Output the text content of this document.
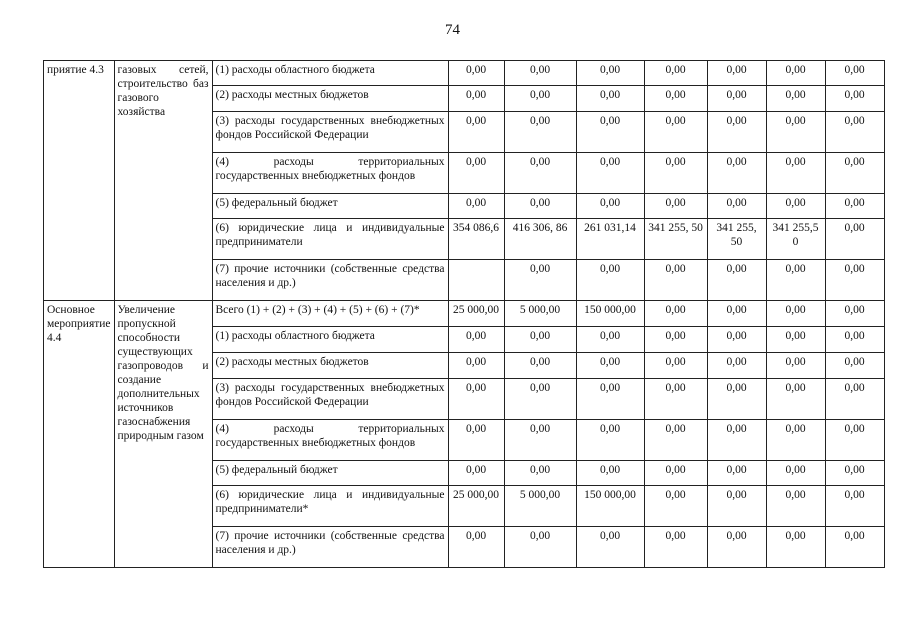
74
приятие 4.3	газовых сетей, строительство баз газового хозяйства	(1) расходы областного бюджета	0,00	0,00	0,00	0,00	0,00	0,00	0,00
		(2) расходы местных бюджетов	0,00	0,00	0,00	0,00	0,00	0,00	0,00
		(3) расходы государственных внебюджетных фондов Российской Федерации	0,00	0,00	0,00	0,00	0,00	0,00	0,00
		(4) расходы территориальных государственных внебюджетных фондов	0,00	0,00	0,00	0,00	0,00	0,00	0,00
		(5) федеральный бюджет	0,00	0,00	0,00	0,00	0,00	0,00	0,00
		(6) юридические лица и индивидуальные предприниматели	354 086,6	416 306, 86	261 031,14	341 255, 50	341 255, 50	341 255,5 0	0,00
		(7) прочие источники (собственные средства населения и др.)		0,00	0,00	0,00	0,00	0,00	0,00
Основное мероприятие 4.4	Увеличение пропускной способности существующих газопроводов и создание дополнительных источников газоснабжения природным газом	Всего (1) + (2) + (3) + (4) + (5) + (6) + (7)*	25 000,00	5 000,00	150 000,00	0,00	0,00	0,00	0,00
		(1) расходы областного бюджета	0,00	0,00	0,00	0,00	0,00	0,00	0,00
		(2) расходы местных бюджетов	0,00	0,00	0,00	0,00	0,00	0,00	0,00
		(3) расходы государственных внебюджетных фондов Российской Федерации	0,00	0,00	0,00	0,00	0,00	0,00	0,00
		(4) расходы территориальных государственных внебюджетных фондов	0,00	0,00	0,00	0,00	0,00	0,00	0,00
		(5) федеральный бюджет	0,00	0,00	0,00	0,00	0,00	0,00	0,00
		(6) юридические лица и индивидуальные предприниматели*	25 000,00	5 000,00	150 000,00	0,00	0,00	0,00	0,00
		(7) прочие источники (собственные средства населения и др.)	0,00	0,00	0,00	0,00	0,00	0,00	0,00
